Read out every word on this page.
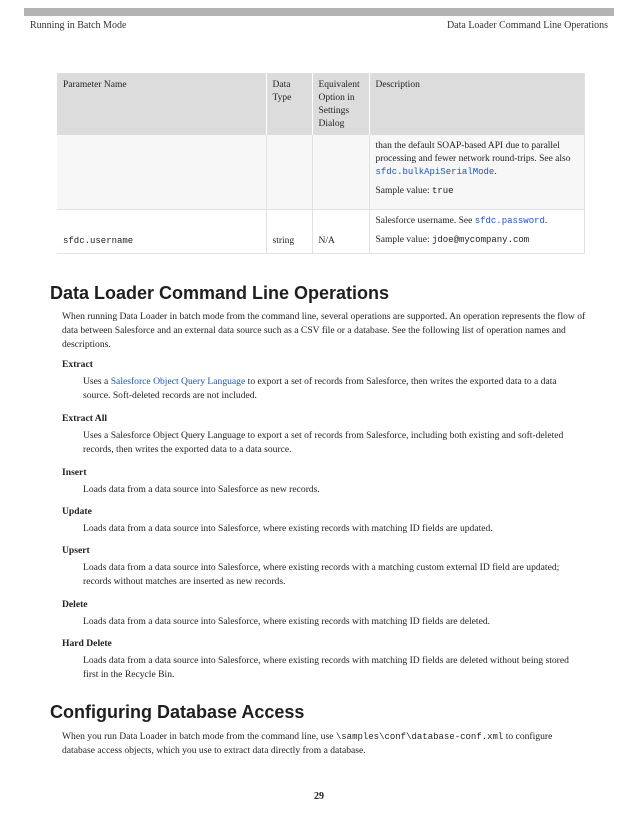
Running in Batch Mode	Data Loader Command Line Operations
Parameter Name	Data Type	Equivalent Option in Settings Dialog	Description

			than the default SOAP-based API due to parallel processing and fewer network round-trips. See also sfdc.bulkApiSerialMode.

Sample value: true

sfdc.username	string	N/A	Salesforce username. See sfdc.password.

Sample value: jdoe@mycompany.com

Data Loader Command Line Operations

When running Data Loader in batch mode from the command line, several operations are supported. An operation represents the flow of data between Salesforce and an external data source such as a CSV file or a database. See the following list of operation names and descriptions.

Extract

Uses a Salesforce Object Query Language to export a set of records from Salesforce, then writes the exported data to a data source. Soft-deleted records are not included.

Extract All

Uses a Salesforce Object Query Language to export a set of records from Salesforce, including both existing and soft-deleted records, then writes the exported data to a data source.

Insert

Loads data from a data source into Salesforce as new records.

Update

Loads data from a data source into Salesforce, where existing records with matching ID fields are updated.

Upsert

Loads data from a data source into Salesforce, where existing records with a matching custom external ID field are updated; records without matches are inserted as new records.

Delete

Loads data from a data source into Salesforce, where existing records with matching ID fields are deleted.

Hard Delete

Loads data from a data source into Salesforce, where existing records with matching ID fields are deleted without being stored first in the Recycle Bin.

Configuring Database Access

When you run Data Loader in batch mode from the command line, use \samples\conf\database-conf.xml to configure database access objects, which you use to extract data directly from a database.

29
